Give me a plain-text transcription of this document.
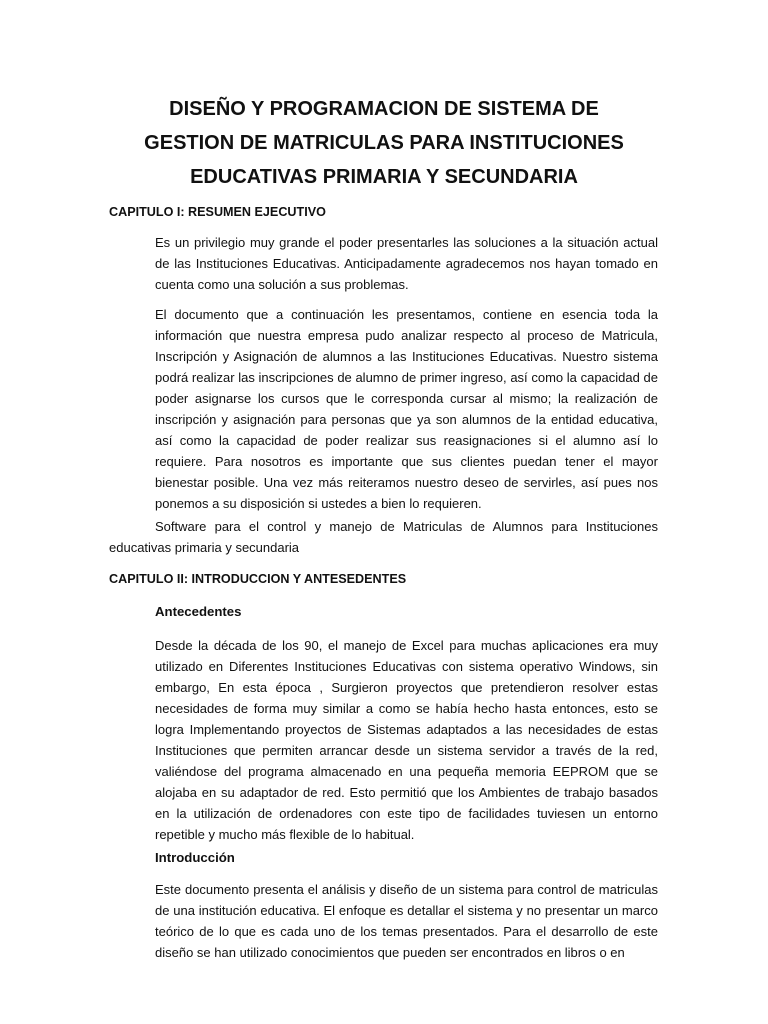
DISEÑO Y PROGRAMACION DE SISTEMA DE
GESTION DE MATRICULAS PARA INSTITUCIONES
EDUCATIVAS PRIMARIA Y SECUNDARIA
CAPITULO I: RESUMEN EJECUTIVO
Es un privilegio muy grande el poder presentarles las soluciones a la situación actual de las Instituciones Educativas. Anticipadamente agradecemos nos hayan tomado en cuenta como una solución a sus problemas.
El documento que a continuación les presentamos, contiene en esencia toda la información que nuestra empresa pudo analizar respecto al proceso de Matricula, Inscripción y Asignación de alumnos a las Instituciones Educativas. Nuestro sistema podrá realizar las inscripciones de alumno de primer ingreso, así como la capacidad de poder asignarse los cursos que le corresponda cursar al mismo; la realización de inscripción y asignación para personas que ya son alumnos de la entidad educativa, así como la capacidad de poder realizar sus reasignaciones si el alumno así lo requiere. Para nosotros es importante que sus clientes puedan tener el mayor bienestar posible. Una vez más reiteramos nuestro deseo de servirles, así pues nos ponemos a su disposición si ustedes a bien lo requieren.
Software para el control y manejo de Matriculas de Alumnos para Instituciones educativas primaria y secundaria
CAPITULO II: INTRODUCCION Y ANTESEDENTES
Antecedentes
Desde la década de los 90, el manejo de Excel para muchas aplicaciones era muy utilizado en Diferentes Instituciones Educativas con sistema operativo Windows, sin embargo, En esta época , Surgieron proyectos que pretendieron resolver estas necesidades de forma muy similar a como se había hecho hasta entonces, esto se logra Implementando proyectos de Sistemas adaptados a las necesidades de estas Instituciones que permiten arrancar desde un sistema servidor a través de la red, valiéndose del programa almacenado en una pequeña memoria EEPROM que se alojaba en su adaptador de red. Esto permitió que los Ambientes de trabajo basados en la utilización de ordenadores con este tipo de facilidades tuviesen un entorno repetible y mucho más flexible de lo habitual.
Introducción
Este documento presenta el análisis y diseño de un sistema para control de matriculas de una institución educativa. El enfoque es detallar el sistema y no presentar un marco teórico de lo que es cada uno de los temas presentados. Para el desarrollo de este diseño se han utilizado conocimientos que pueden ser encontrados en libros o en
